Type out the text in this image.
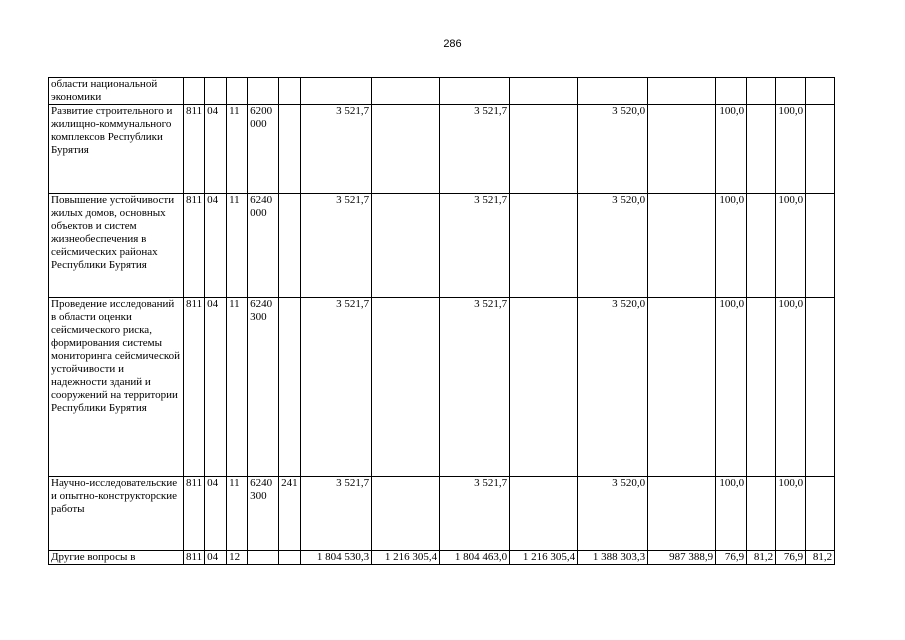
286
области национальной экономики															
Развитие строительного и жилищно-коммунального комплексов Республики Бурятия	811	04	11	6200 000		3 521,7		3 521,7		3 520,0		100,0		100,0	
Повышение устойчивости жилых домов, основных объектов и систем жизнеобеспечения в сейсмических районах Республики Бурятия	811	04	11	6240 000		3 521,7		3 521,7		3 520,0		100,0		100,0	
Проведение исследований в области оценки сейсмического риска, формирования системы мониторинга сейсмической устойчивости и надежности зданий и сооружений на территории Республики Бурятия	811	04	11	6240 300		3 521,7		3 521,7		3 520,0		100,0		100,0	
Научно-исследовательские и опытно-конструкторские работы	811	04	11	6240 300	241	3 521,7		3 521,7		3 520,0		100,0		100,0	
Другие вопросы в	811	04	12			1 804 530,3	1 216 305,4	1 804 463,0	1 216 305,4	1 388 303,3	987 388,9	76,9	81,2	76,9	81,2
